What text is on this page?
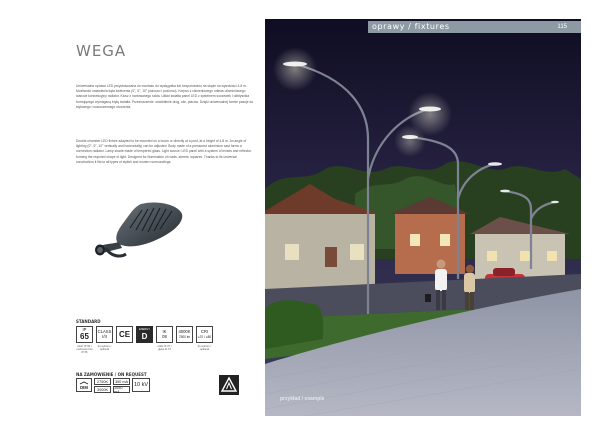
WEGA

Uniwersalna oprawa LED przystosowana do montażu do wysięgnika lub bezpośrednio na słupie na wysokości 4-8 m. Możliwość ustawienia kąta świecenia (0°, 5°, 10° pionowo i poziomo). Korpus z ciśnieniowego odlewu aluminiowego stanowi konwekcyjny radiator. Klosz z hartowanego szkła. Układ światła panel LED z systemem soczewek i odbłyśnika formującego wymaganą bryłę światła. Przeznaczenie: oświetlenie dróg, ulic, placów. Dzięki uniwersalnej formie pasuje do stylowego i nowoczesnego otoczenia.

Double-chamber LED fixture adapted to be mounted on a boom or directly at a post, at a height of 4-8 m. An angle of lighting (0°, 5°, 10° vertically and horizontally) can be adjusted. Body made of a pressured aluminium cast forms a convection radiator. Lamp shade made of tempered glass. Light source: LED panel with a system of lenses and reflector forming the required shape of light. Designed for illumination of roads, streets, squares. Thanks to its universal construction it fits to all types of stylish and modern surroundings.

STANDARD
IP
65
CLASS
I/II CE	ENERGY
D
IK
08
4000K
7500 lm
CRI
≥70 / ≥80
klosz IP 65 / enclosure box IP 65
do wyboru / optional
szkło IK 07 / glass IK 07
do wyboru / optional
NA ZAMÓWIENIE / ON REQUEST
DIM
2750K
3000K
350 mA
1050 mA
10 kV
oprawy / fixtures	115
przykład / example
